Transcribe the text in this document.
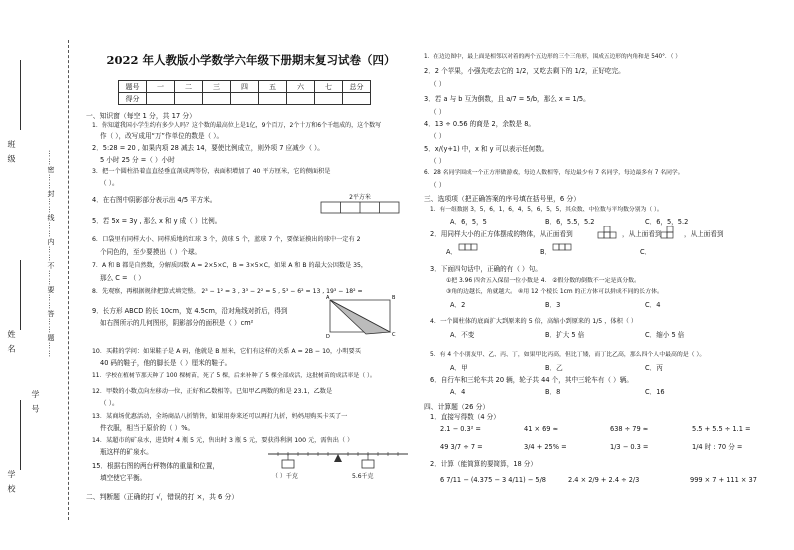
班 级
姓 名
学 校
学 号
……密……封……线……内……不……要……答……题……
2022 年人教版小学数学六年级下册期末复习试卷（四）
题号	一	二	三	四	五	六	七	总分
得分								
一、知识窗（每空 1 分，共 17 分）
1．你知道我国小学生约有多少人吗？这个数的最高位上是1亿，9个百万，2个十万和6个千组成的，这个数写
作（ ），改写成用“万”作单位的数是（ ）。
2．5:28 = 20 , 如果内项 28 减去 14，要使比例成立，则外项 7 应减少（ ）。
5 小时 25 分 =（ ）小时
3．把一个圆柱沿着直直径垂直剖成两等份，表面积增加了 40 平方厘米，它的侧面积是
（ ）。
4．在右图中阴影部分表示出 4/5 平方米。
5．若 5x = 3y , 那么 x 和 y 成（ ）比例。
2平方米
6．口袋里有同样大小、同样质地的红球 3 个，黄球 5 个，蓝球 7 个，要保证摸出的球中一定有 2
个同色的，至少要摸出（ ）个球。
7．A 和 B 都是自然数，分解质因数 A = 2×5×C，B = 3×5×C，如果 A 和 B 的最大公因数是 35，
那么 C = （ ）
8．先观察，再根据规律把算式填完整。 2³ − 1² = 3 , 3³ − 2² = 5 , 5³ − 6² = 13 , 19³ − 18² =
9．长方形 ABCD 的长 10cm，宽 4.5cm，沿对角线对折后，得到
如右图所示的几何图形，阴影部分的面积是（ ）cm²
A	B
C
D
10．买鞋的学问：如果鞋子是 A 码，他就是 B 厘米，它们有这样的关系 A = 2B − 10，小明要买
40 码的鞋子，他的脚长是（ ）厘米的鞋子。
11．学校在植树节那天种了 100 棵树苗，死了 5 棵，后来补种了 5 棵全部成活，这批树苗的成活率是（ ）。
12．甲数的小数点向左移动一位，正好和乙数相等。已知甲乙两数的和是 23.1，乙数是
（ ）。
13．某商场优惠活动，全场商品八折销售，如果用券来还可以再打九折，妈妈用购买卡买了一
件衣服，相当于原价的（ ）%。
14．某超市的矿泉水，进货时 4 瓶 5 元，售出时 3 瓶 5 元，要获得利润 100 元，需售出（ ）
瓶这样的矿泉水。
15．根据右图的两台秤物体的重量和位置，
填空使它平衡。	（ ）千克	5.6千克
二、判断题（正确的打 √，错误的打 ×，共 6 分）
1．在边边图中，最上面是相邻以对着的两个五边形的三个三角形，围成五边形的内角和是 540°．（ ）
2．2 个苹果，小强先吃去它的 1/2，又吃去剩下的 1/2，正好吃完。
（ ）
3．若 a 与 b 互为倒数，且 a/7 = 5/b，那么 x = 1/5。
（ ）
4．13 ÷ 0.56 的商是 2，余数是 8。
（ ）
5．x/(y+1) 中，x 和 y 可以表示任何数。
（ ）
6．28 名同学围成一个正方形做游戏，每边人数相等，每边最少有 7 名同学，每边最多有 7 名同学。
（ ）
三、选项项（把正确答案的序号填在括号里，6 分）
1．有一组数据 3，5，6，1，6，4，5，6，5，5，其众数、中位数与平均数分别为（ ）。
A．6，5，5	B．6，5.5，5.2	C．6，5，5.2
2．用同样大小的正方体摆成的物体，从正面看到	，从上面看到	，从上面看到
A．	B．	C．
3．下面四句话中，正确的有（ ）句。
①把 3.96 四舍五入保留一位小数是 4． ②假分数的倒数不一定是真分数。
③角的边越长，角就越大。 ④用 12 个棱长 1cm 的正方体可以拼成不同的长方体。
A．2	B．3	C．4
4．一个圆柱体的底面扩大到原来的 5 倍，高缩小到原来的 1/5 ，体积（ ）
A．不变	B．扩大 5 倍	C．缩小 5 倍
5．有 4 个小朋友甲、乙、丙、丁，如果甲比丙高，但比丁矮，而丁比乙高，那么四个人中最高的是（ ）。
A．甲	B．乙	C．丙
6．自行车和三轮车共 20 辆，轮子共 44 个，其中三轮车有（ ）辆。
A．4	B．8	C．16
四、计算题（26 分）
1．直接写得数（4 分）
2.1 − 0.3² =	41 × 69 ≈	638 ÷ 79 ≈	5.5 + 5.5 ÷ 1.1 =
49 3/7 ÷ 7 =	3/4 + 25% =	1/3 − 0.3 =	1/4 时 : 70 分 =
2．计算（能简算的要简算，18 分）
6 7/11 − (4.375 − 3 4/11) − 5/8	2.4 × 2/9 + 2.4 ÷ 2/3	999 × 7 + 111 × 37
